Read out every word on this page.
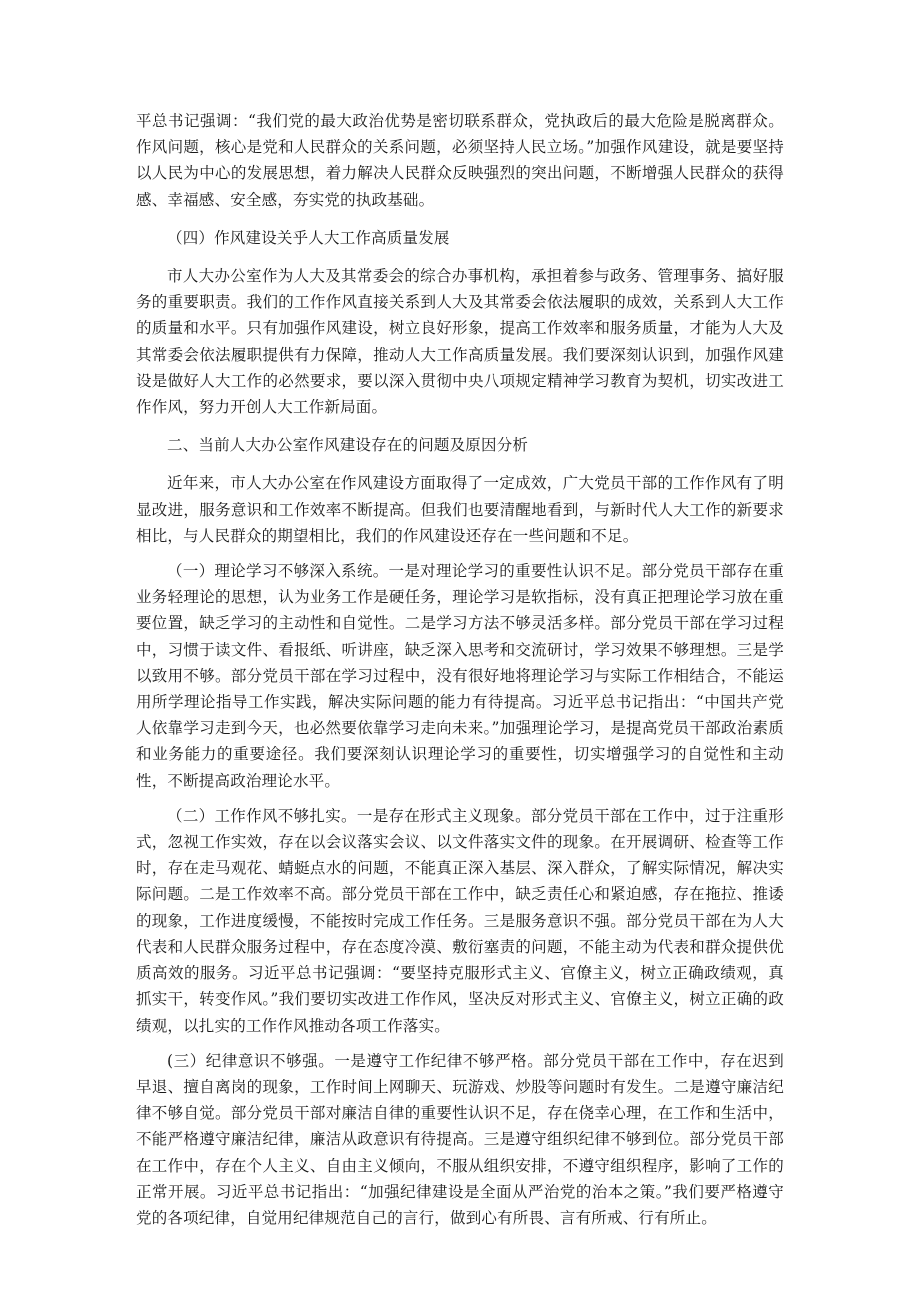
平总书记强调：“我们党的最大政治优势是密切联系群众，党执政后的最大危险是脱离群众。作风问题，核心是党和人民群众的关系问题，必须坚持人民立场。”加强作风建设，就是要坚持以人民为中心的发展思想，着力解决人民群众反映强烈的突出问题，不断增强人民群众的获得感、幸福感、安全感，夯实党的执政基础。

（四）作风建设关乎人大工作高质量发展

市人大办公室作为人大及其常委会的综合办事机构，承担着参与政务、管理事务、搞好服务的重要职责。我们的工作作风直接关系到人大及其常委会依法履职的成效，关系到人大工作的质量和水平。只有加强作风建设，树立良好形象，提高工作效率和服务质量，才能为人大及其常委会依法履职提供有力保障，推动人大工作高质量发展。我们要深刻认识到，加强作风建设是做好人大工作的必然要求，要以深入贯彻中央八项规定精神学习教育为契机，切实改进工作作风，努力开创人大工作新局面。

二、当前人大办公室作风建设存在的问题及原因分析

近年来，市人大办公室在作风建设方面取得了一定成效，广大党员干部的工作作风有了明显改进，服务意识和工作效率不断提高。但我们也要清醒地看到，与新时代人大工作的新要求相比，与人民群众的期望相比，我们的作风建设还存在一些问题和不足。

（一）理论学习不够深入系统。一是对理论学习的重要性认识不足。部分党员干部存在重业务轻理论的思想，认为业务工作是硬任务，理论学习是软指标，没有真正把理论学习放在重要位置，缺乏学习的主动性和自觉性。二是学习方法不够灵活多样。部分党员干部在学习过程中，习惯于读文件、看报纸、听讲座，缺乏深入思考和交流研讨，学习效果不够理想。三是学以致用不够。部分党员干部在学习过程中，没有很好地将理论学习与实际工作相结合，不能运用所学理论指导工作实践，解决实际问题的能力有待提高。习近平总书记指出：“中国共产党人依靠学习走到今天，也必然要依靠学习走向未来。”加强理论学习，是提高党员干部政治素质和业务能力的重要途径。我们要深刻认识理论学习的重要性，切实增强学习的自觉性和主动性，不断提高政治理论水平。

（二）工作作风不够扎实。一是存在形式主义现象。部分党员干部在工作中，过于注重形式，忽视工作实效，存在以会议落实会议、以文件落实文件的现象。在开展调研、检查等工作时，存在走马观花、蜻蜓点水的问题，不能真正深入基层、深入群众，了解实际情况，解决实际问题。二是工作效率不高。部分党员干部在工作中，缺乏责任心和紧迫感，存在拖拉、推诿的现象，工作进度缓慢，不能按时完成工作任务。三是服务意识不强。部分党员干部在为人大代表和人民群众服务过程中，存在态度冷漠、敷衍塞责的问题，不能主动为代表和群众提供优质高效的服务。习近平总书记强调：“要坚持克服形式主义、官僚主义，树立正确政绩观，真抓实干，转变作风。”我们要切实改进工作作风，坚决反对形式主义、官僚主义，树立正确的政绩观，以扎实的工作作风推动各项工作落实。

(三）纪律意识不够强。一是遵守工作纪律不够严格。部分党员干部在工作中，存在迟到早退、擅自离岗的现象，工作时间上网聊天、玩游戏、炒股等问题时有发生。二是遵守廉洁纪律不够自觉。部分党员干部对廉洁自律的重要性认识不足，存在侥幸心理，在工作和生活中，不能严格遵守廉洁纪律，廉洁从政意识有待提高。三是遵守组织纪律不够到位。部分党员干部在工作中，存在个人主义、自由主义倾向，不服从组织安排，不遵守组织程序，影响了工作的正常开展。习近平总书记指出：“加强纪律建设是全面从严治党的治本之策。”我们要严格遵守党的各项纪律，自觉用纪律规范自己的言行，做到心有所畏、言有所戒、行有所止。
